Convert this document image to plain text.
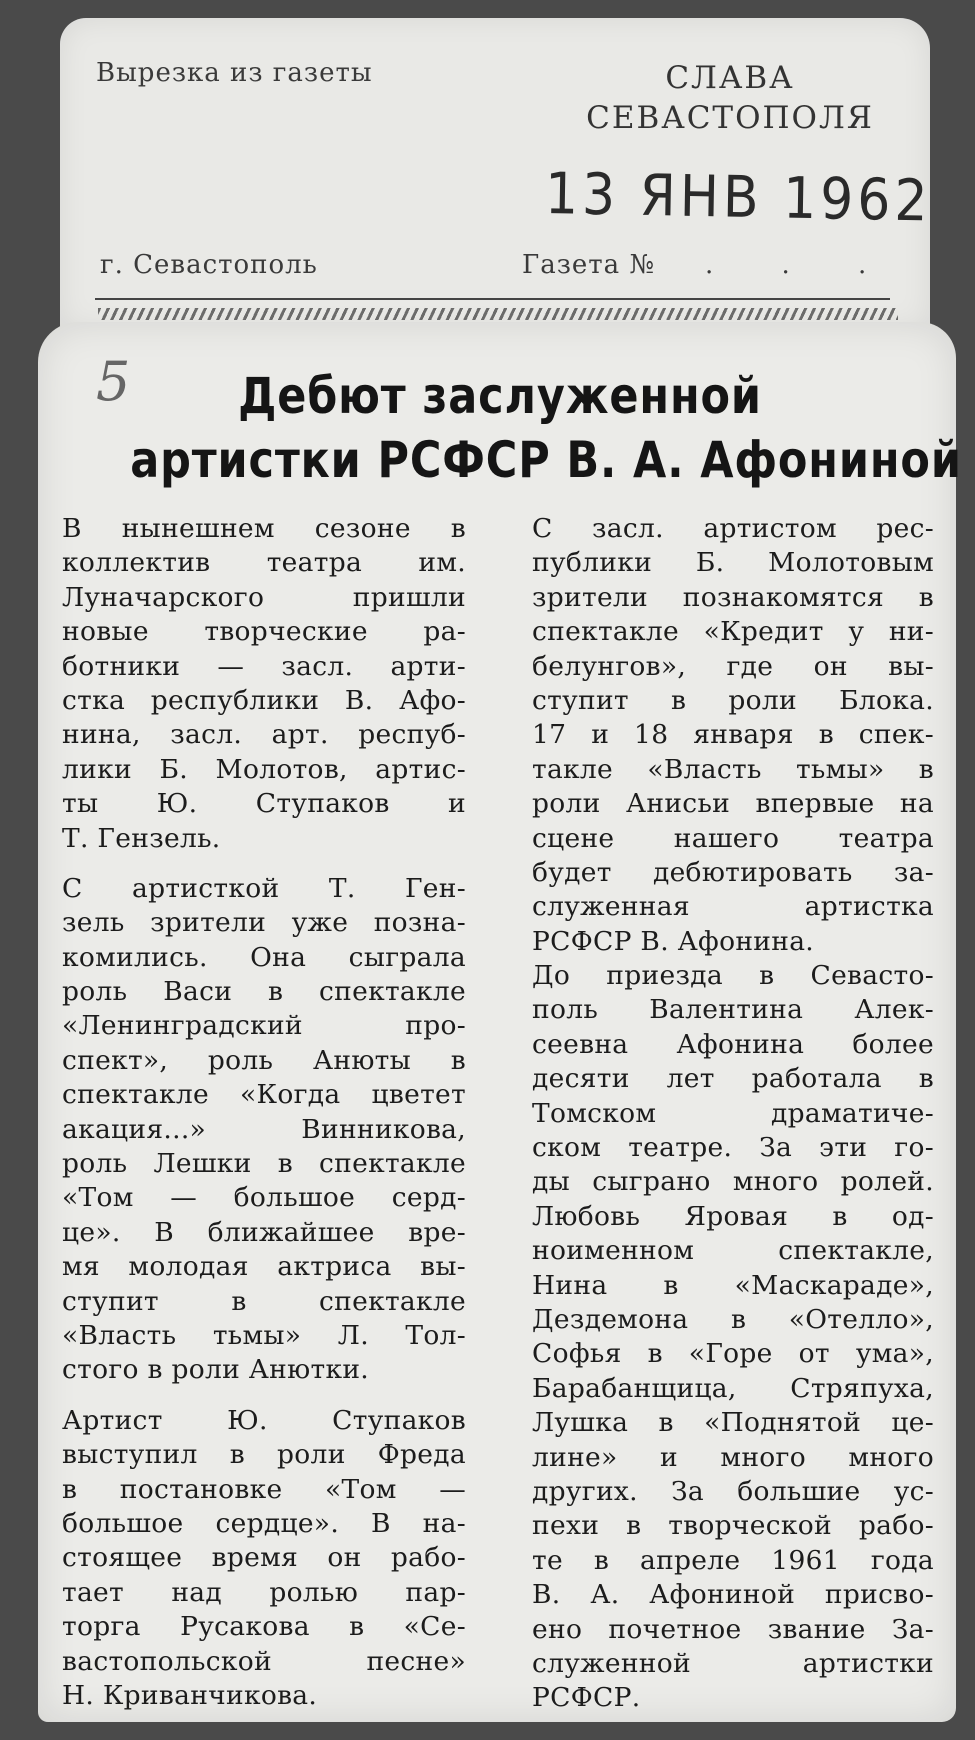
Вырезка из газеты	СЛАВА
СЕВАСТОПОЛЯ
13 ЯНВ 1962
г. Севастополь	Газета № . . .
5	Дебют заслуженной
артистки РСФСР В. А. Афониной
В нынешнем сезоне в
коллектив театра им.
Луначарского пришли
новые творческие ра-
ботники — засл. арти-
стка республики В. Афо-
нина, засл. арт. респуб-
лики Б. Молотов, артис-
ты Ю. Ступаков и
Т. Гензель.
С артисткой Т. Ген-
зель зрители уже позна-
комились. Она сыграла
роль Васи в спектакле
«Ленинградский про-
спект», роль Анюты в
спектакле «Когда цветет
акация...» Винникова,
роль Лешки в спектакле
«Том — большое серд-
це». В ближайшее вре-
мя молодая актриса вы-
ступит в спектакле
«Власть тьмы» Л. Тол-
стого в роли Анютки.
Артист Ю. Ступаков
выступил в роли Фреда
в постановке «Том —
большое сердце». В на-
стоящее время он рабо-
тает над ролью пар-
торга Русакова в «Се-
вастопольской песне»
Н. Криванчикова.
С засл. артистом рес-
публики Б. Молотовым
зрители познакомятся в
спектакле «Кредит у ни-
белунгов», где он вы-
ступит в роли Блока.
17 и 18 января в спек-
такле «Власть тьмы» в
роли Анисьи впервые на
сцене нашего театра
будет дебютировать за-
служенная артистка
РСФСР В. Афонина.
До приезда в Севасто-
поль Валентина Алек-
сеевна Афонина более
десяти лет работала в
Томском драматиче-
ском театре. За эти го-
ды сыграно много ролей.
Любовь Яровая в од-
ноименном спектакле,
Нина в «Маскараде»,
Дездемона в «Отелло»,
Софья в «Горе от ума»,
Барабанщица, Стряпуха,
Лушка в «Поднятой це-
лине» и много много
других. За большие ус-
пехи в творческой рабо-
те в апреле 1961 года
В. А. Афониной присво-
ено почетное звание За-
служенной артистки
РСФСР.
